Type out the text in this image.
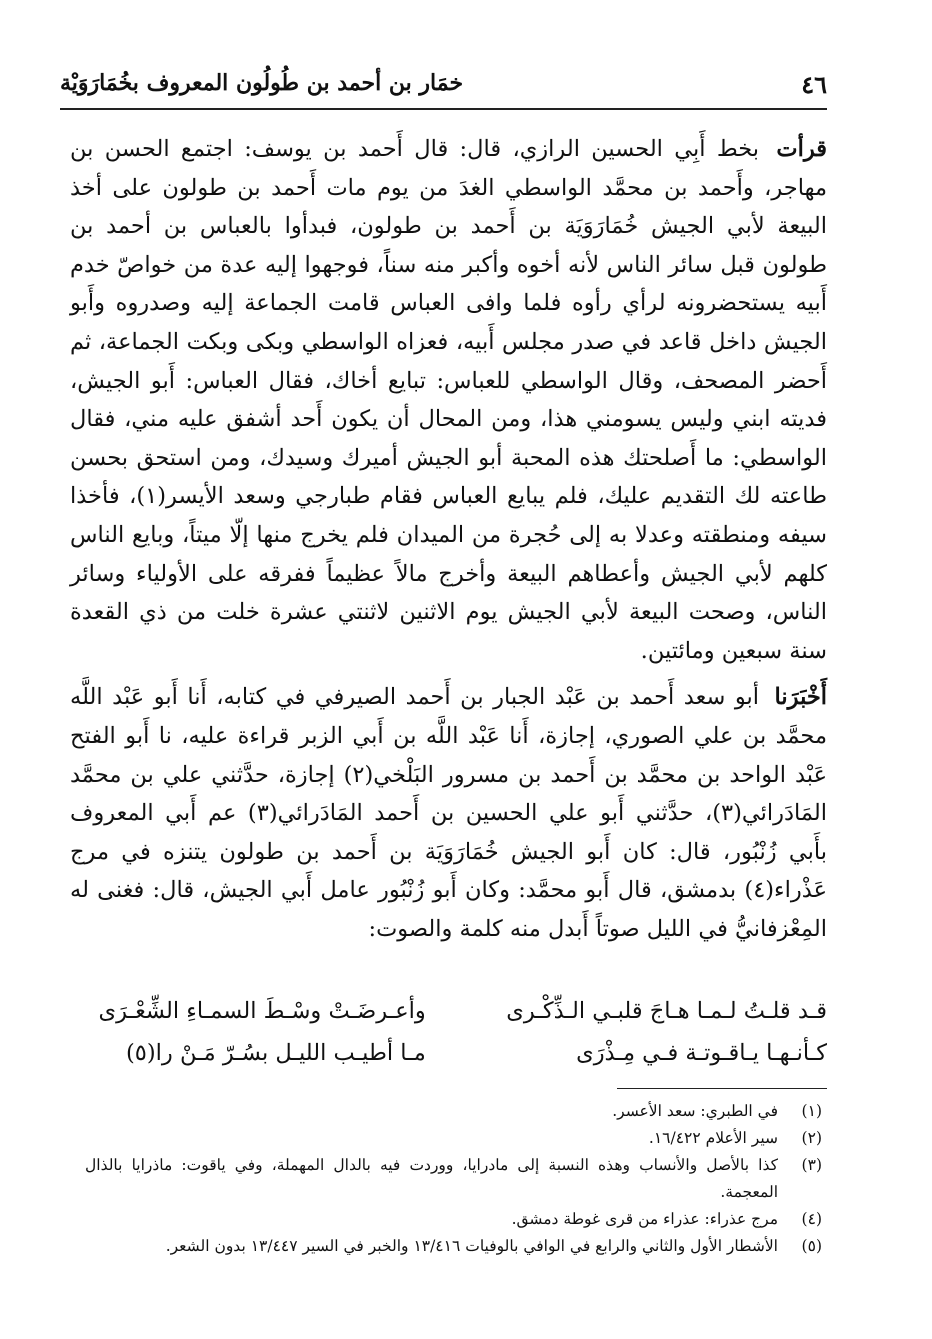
٤٦
خمَار بن أحمد بن طُولُون المعروف بخُمَارَوَيْة

قرأت بخط أَبِي الحسين الرازي، قال: قال أَحمد بن يوسف: اجتمع الحسن بن مهاجر، وأَحمد بن محمَّد الواسطي الغدَ من يوم مات أَحمد بن طولون على أخذ البيعة لأبي الجيش خُمَارَوَيَة بن أَحمد بن طولون، فبدأوا بالعباس بن أحمد بن طولون قبل سائر الناس لأنه أخوه وأكبر منه سناً، فوجهوا إليه عدة من خواصّ خدم أَبيه يستحضرونه لرأي رأوه فلما وافى العباس قامت الجماعة إليه وصدروه وأَبو الجيش داخل قاعد في صدر مجلس أَبيه، فعزاه الواسطي وبكى وبكت الجماعة، ثم أَحضر المصحف، وقال الواسطي للعباس: تبايع أخاك، فقال العباس: أَبو الجيش، فديته ابني وليس يسومني هذا، ومن المحال أن يكون أَحد أشفق عليه مني، فقال الواسطي: ما أَصلحتك هذه المحبة أبو الجيش أميرك وسيدك، ومن استحق بحسن طاعته لك التقديم عليك، فلم يبايع العباس فقام طبارجي وسعد الأيسر(١)، فأخذا سيفه ومنطقته وعدلا به إلى حُجرة من الميدان فلم يخرج منها إلّا ميتاً، وبايع الناس كلهم لأبي الجيش وأعطاهم البيعة وأخرج مالاً عظيماً ففرقه على الأولياء وسائر الناس، وصحت البيعة لأبي الجيش يوم الاثنين لاثنتي عشرة خلت من ذي القعدة سنة سبعين ومائتين.

أَخْبَرَنا أبو سعد أَحمد بن عَبْد الجبار بن أَحمد الصيرفي في كتابه، أَنا أَبو عَبْد اللَّه محمَّد بن علي الصوري، إجازة، أَنا عَبْد اللَّه بن أَبي الزبر قراءة عليه، نا أَبو الفتح عَبْد الواحد بن محمَّد بن أَحمد بن مسرور البَلْخي(٢) إجازة، حدَّثني علي بن محمَّد المَادَرائي(٣)، حدَّثني أَبو علي الحسين بن أَحمد المَادَرائي(٣) عم أَبي المعروف بأَبي زُنْبُور، قال: كان أَبو الجيش خُمَارَوَيَة بن أَحمد بن طولون يتنزه في مرج عَذْراء(٤) بدمشق، قال أَبو محمَّد: وكان أَبو زُنْبُور عامل أَبي الجيش، قال: فغنى له المِعْزفانيُّ في الليل صوتاً أَبدل منه كلمة والصوت:

قـد قلـتُ لـمـا هـاجَ قلبـي الـذِّكْـرى
وأعـرضَـتْ وسْـطَ السمـاءِ الشِّعْـرَى
كـأنـهـا يـاقـوتـة فـي مِـذْرَى
مـا أطيـب الليـل بسُـرّ مَـنْ را(٥)
(١)
في الطبري: سعد الأعسر.
(٢)
سير الأعلام ١٦/٤٢٢.
(٣)
كذا بالأصل والأنساب وهذه النسبة إلى مادرايا، ووردت فيه بالدال المهملة، وفي ياقوت: ماذرايا بالذال المعجمة.
(٤)
مرج عذراء: عذراء من قرى غوطة دمشق.
(٥)
الأشطار الأول والثاني والرابع في الوافي بالوفيات ١٣/٤١٦ والخبر في السير ١٣/٤٤٧ بدون الشعر.
